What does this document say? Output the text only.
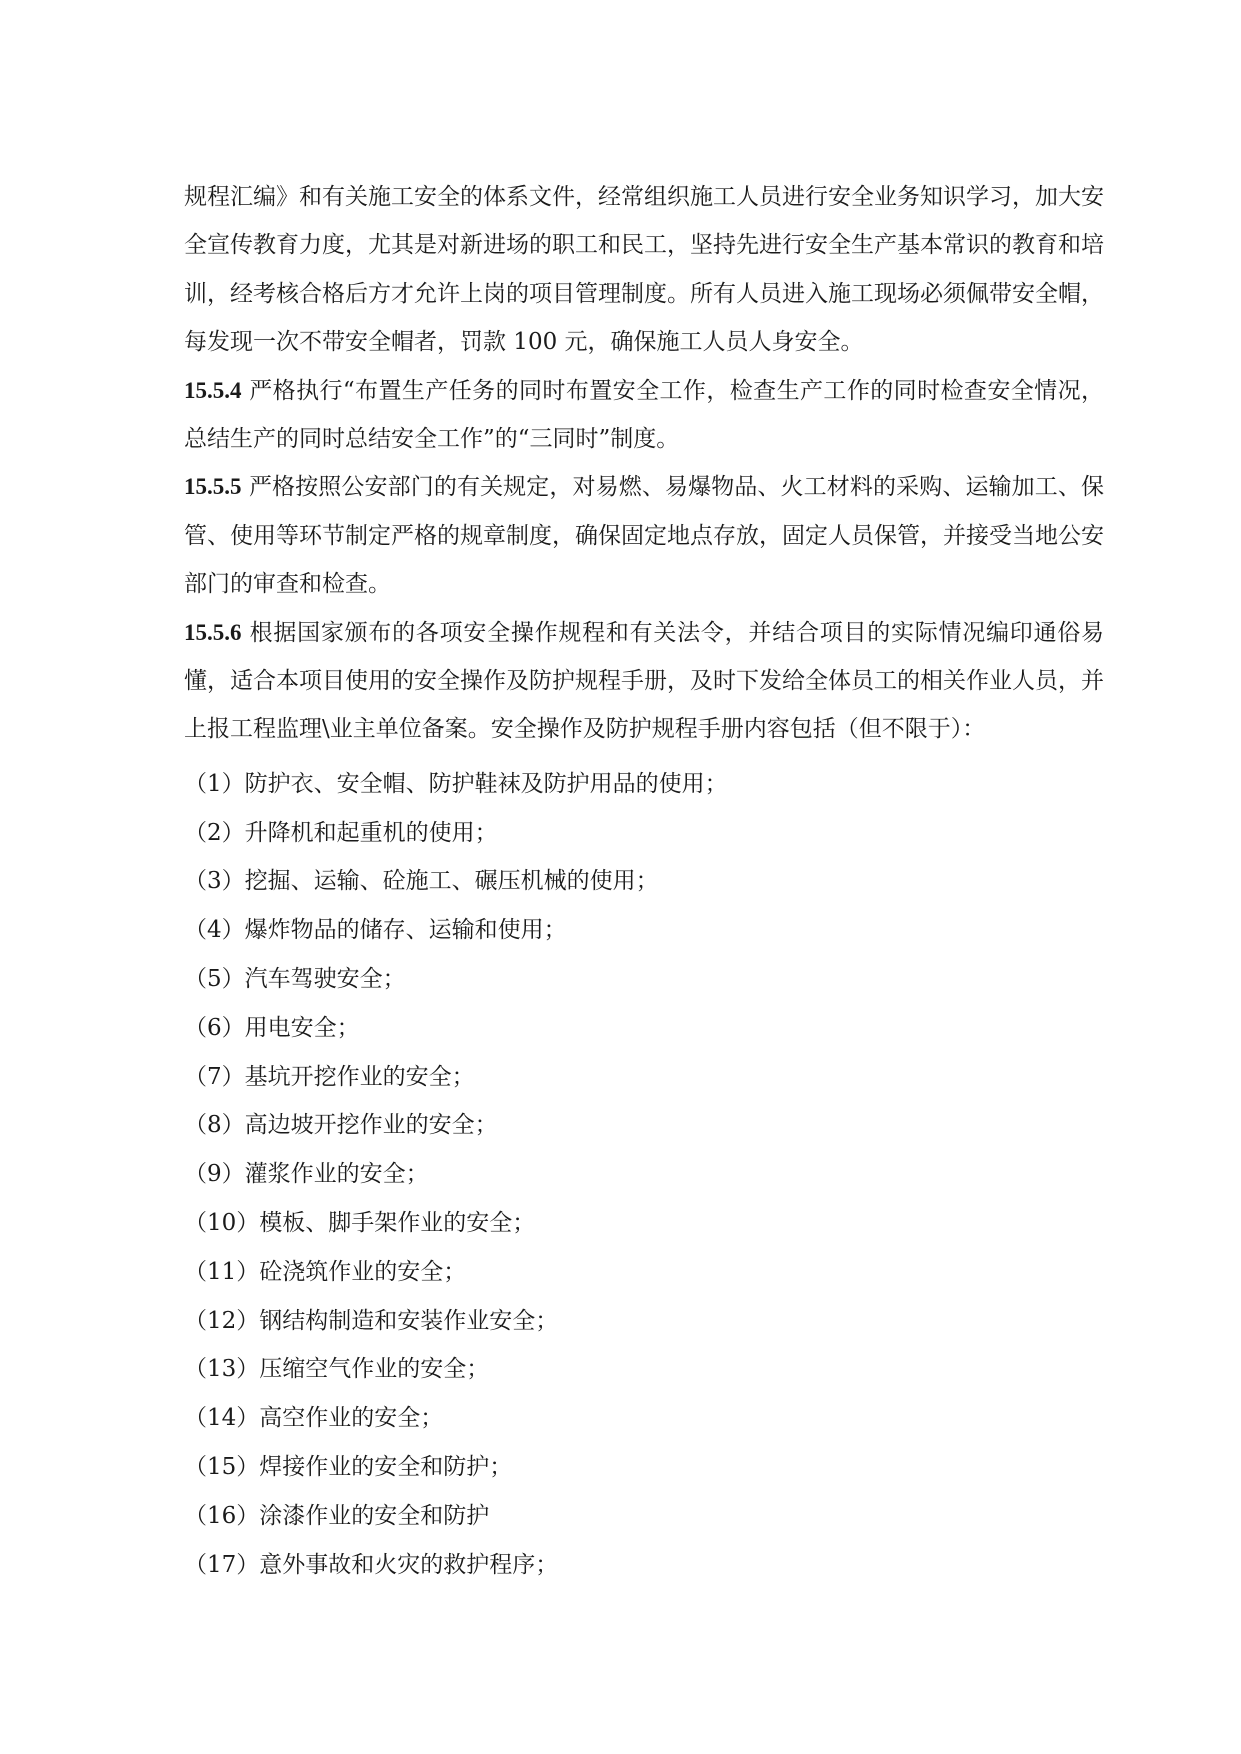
规程汇编》和有关施工安全的体系文件，经常组织施工人员进行安全业务知识学习，加大安全宣传教育力度，尤其是对新进场的职工和民工，坚持先进行安全生产基本常识的教育和培训，经考核合格后方才允许上岗的项目管理制度。所有人员进入施工现场必须佩带安全帽，每发现一次不带安全帽者，罚款 100 元，确保施工人员人身安全。

15.5.4 严格执行“布置生产任务的同时布置安全工作，检查生产工作的同时检查安全情况，总结生产的同时总结安全工作”的“三同时”制度。

15.5.5 严格按照公安部门的有关规定，对易燃、易爆物品、火工材料的采购、运输加工、保管、使用等环节制定严格的规章制度，确保固定地点存放，固定人员保管，并接受当地公安部门的审查和检查。

15.5.6 根据国家颁布的各项安全操作规程和有关法令，并结合项目的实际情况编印通俗易懂，适合本项目使用的安全操作及防护规程手册，及时下发给全体员工的相关作业人员，并上报工程监理\业主单位备案。安全操作及防护规程手册内容包括（但不限于）：

（1）防护衣、安全帽、防护鞋袜及防护用品的使用；

（2）升降机和起重机的使用；

（3）挖掘、运输、砼施工、碾压机械的使用；

（4）爆炸物品的储存、运输和使用；

（5）汽车驾驶安全；

（6）用电安全；

（7）基坑开挖作业的安全；

（8）高边坡开挖作业的安全；

（9）灌浆作业的安全；

（10）模板、脚手架作业的安全；

（11）砼浇筑作业的安全；

（12）钢结构制造和安装作业安全；

（13）压缩空气作业的安全；

（14）高空作业的安全；

（15）焊接作业的安全和防护；

（16）涂漆作业的安全和防护

（17）意外事故和火灾的救护程序；
